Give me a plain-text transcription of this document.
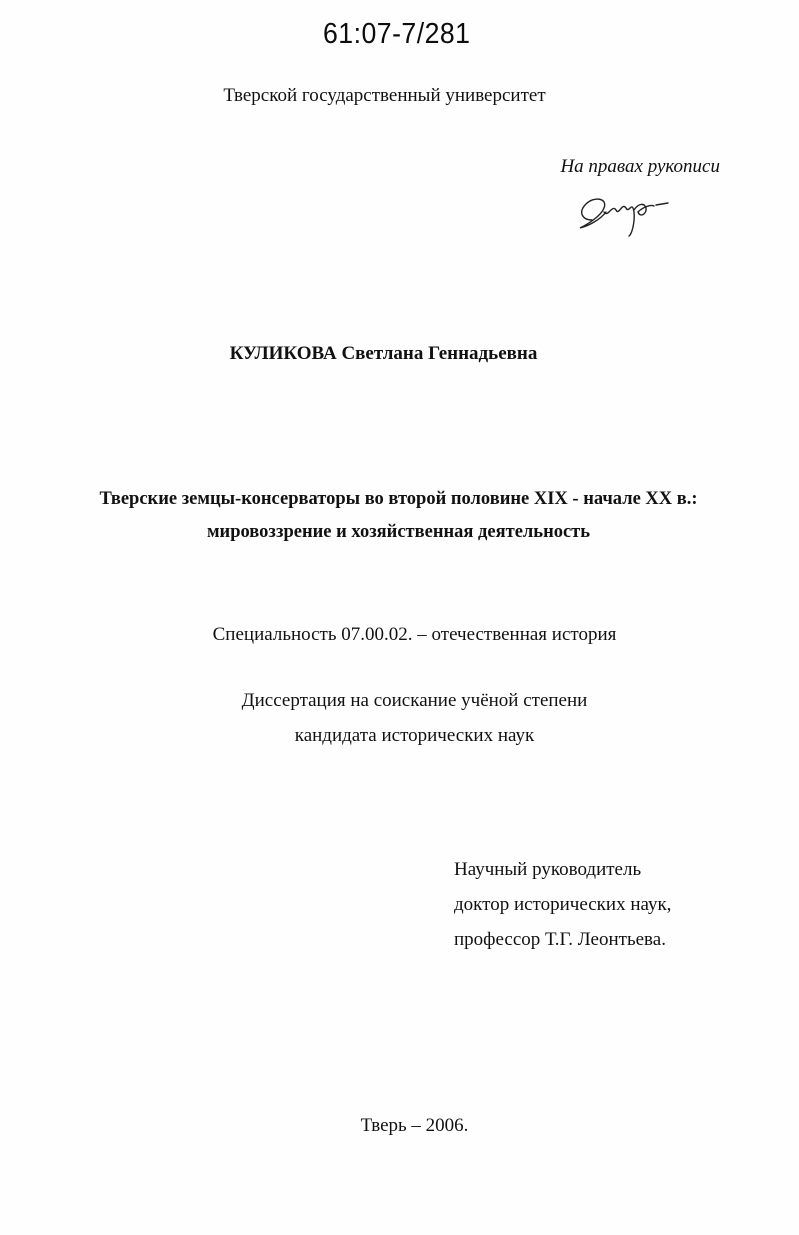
61:07-7/281
Тверской государственный университет
На правах рукописи
КУЛИКОВА Светлана Геннадьевна
Тверские земцы-консерваторы во второй половине XIX - начале XX в.:
мировоззрение и хозяйственная деятельность
Специальность 07.00.02. – отечественная история
Диссертация на соискание учёной степени
кандидата исторических наук
Научный руководитель
доктор исторических наук,
профессор Т.Г. Леонтьева.
Тверь – 2006.
